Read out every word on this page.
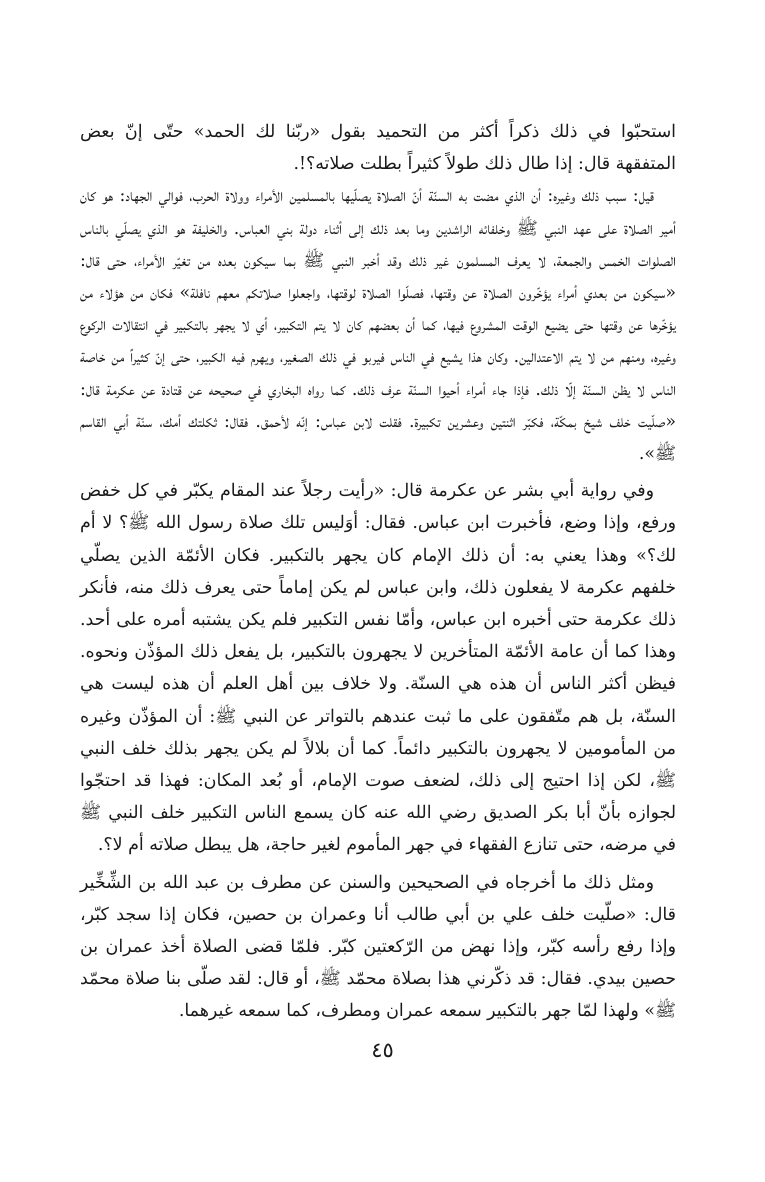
استحبّوا في ذلك ذكراً أكثر من التحميد بقول «ربّنا لك الحمد» حتّى إنّ بعض المتفقهة قال: إذا طال ذلك طولاً كثيراً بطلت صلاته؟!.

قيل: سبب ذلك وغيره: أن الذي مضت به السنّة أنّ الصلاة يصلّيها بالمسلمين الأمراء وولاة الحرب، فوالي الجهاد: هو كان أمير الصلاة على عهد النبي ﷺ وخلفائه الراشدين وما بعد ذلك إلى أثناء دولة بني العباس. والخليفة هو الذي يصلّي بالناس الصلوات الخمس والجمعة، لا يعرف المسلمون غير ذلك وقد أخبر النبي ﷺ بما سيكون بعده من تغيّر الأمراء، حتى قال: «سيكون من بعدي أمراء يؤخّرون الصلاة عن وقتها، فصلّوا الصلاة لوقتها، واجعلوا صلاتكم معهم نافلة» فكان من هؤلاء من يؤخّرها عن وقتها حتى يضيع الوقت المشروع فيها، كما أن بعضهم كان لا يتم التكبير، أي لا يجهر بالتكبير في انتقالات الركوع وغيره، ومنهم من لا يتم الاعتدالين. وكان هذا يشيع في الناس فيربو في ذلك الصغير، ويهرم فيه الكبير، حتى إنّ كثيراً من خاصة الناس لا يظن السنّة إلّا ذلك. فإذا جاء أمراء أحيوا السنّة عرف ذلك. كما رواه البخاري في صحيحه عن قتادة عن عكرمة قال: «صلّيت خلف شيخ بمكّة، فكبّر اثنتين وعشرين تكبيرة. فقلت لابن عباس: إنّه لأحمق. فقال: ثكلتك أمك، سنّة أبي القاسم ﷺ».

وفي رواية أبي بشر عن عكرمة قال: «رأيت رجلاً عند المقام يكبّر في كل خفض ورفع، وإذا وضع، فأخبرت ابن عباس. فقال: أوَليس تلك صلاة رسول الله ﷺ؟ لا أم لك؟» وهذا يعني به: أن ذلك الإمام كان يجهر بالتكبير. فكان الأئمّة الذين يصلّي خلفهم عكرمة لا يفعلون ذلك، وابن عباس لم يكن إماماً حتى يعرف ذلك منه، فأنكر ذلك عكرمة حتى أخبره ابن عباس، وأمّا نفس التكبير فلم يكن يشتبه أمره على أحد. وهذا كما أن عامة الأئمّة المتأخرين لا يجهرون بالتكبير، بل يفعل ذلك المؤذّن ونحوه. فيظن أكثر الناس أن هذه هي السنّة. ولا خلاف بين أهل العلم أن هذه ليست هي السنّة، بل هم متّفقون على ما ثبت عندهم بالتواتر عن النبي ﷺ: أن المؤذّن وغيره من المأمومين لا يجهرون بالتكبير دائماً. كما أن بلالاً لم يكن يجهر بذلك خلف النبي ﷺ، لكن إذا احتيج إلى ذلك، لضعف صوت الإمام، أو بُعد المكان: فهذا قد احتجّوا لجوازه بأنّ أبا بكر الصديق رضي الله عنه كان يسمع الناس التكبير خلف النبي ﷺ في مرضه، حتى تنازع الفقهاء في جهر المأموم لغير حاجة، هل يبطل صلاته أم لا؟.

ومثل ذلك ما أخرجاه في الصحيحين والسنن عن مطرف بن عبد الله بن الشِّخِّير قال: «صلّيت خلف علي بن أبي طالب أنا وعمران بن حصين، فكان إذا سجد كبّر، وإذا رفع رأسه كبّر، وإذا نهض من الرّكعتين كبّر. فلمّا قضى الصلاة أخذ عمران بن حصين بيدي. فقال: قد ذكّرني هذا بصلاة محمّد ﷺ، أو قال: لقد صلّى بنا صلاة محمّد ﷺ» ولهذا لمّا جهر بالتكبير سمعه عمران ومطرف، كما سمعه غيرهما.

٤٥
